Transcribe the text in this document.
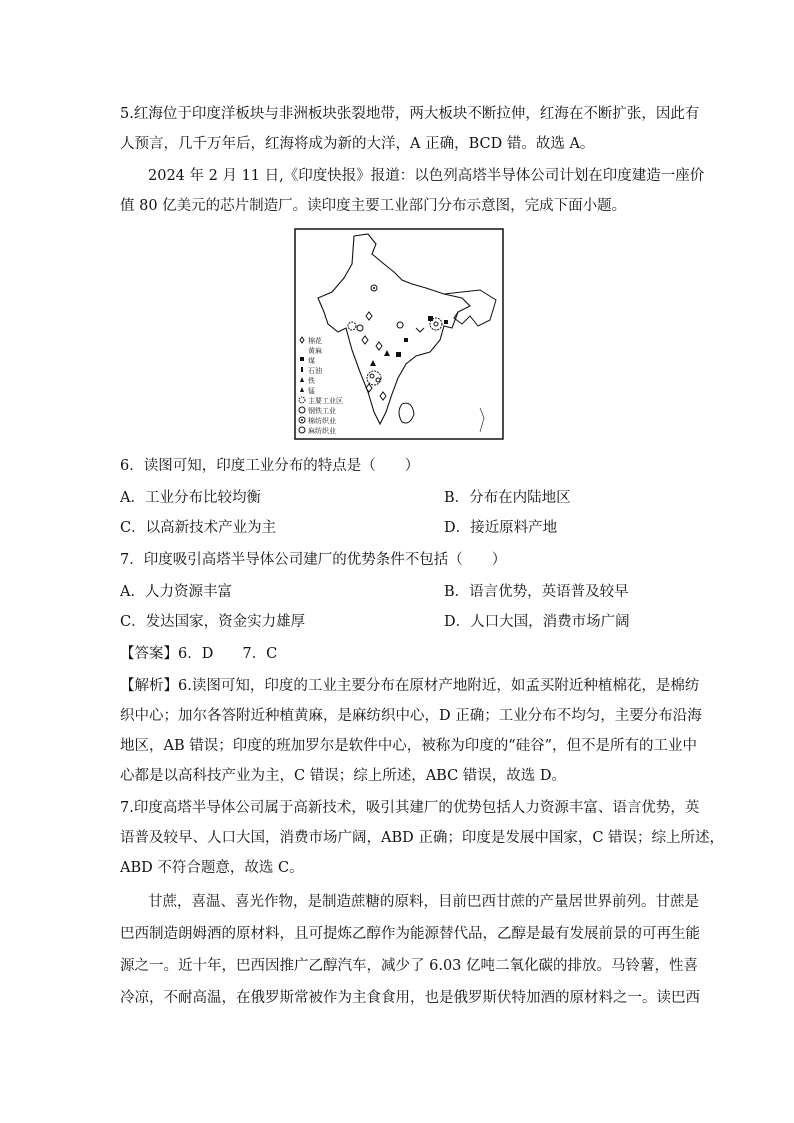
5.红海位于印度洋板块与非洲板块张裂地带，两大板块不断拉伸，红海在不断扩张，因此有
人预言，几千万年后，红海将成为新的大洋，A 正确，BCD 错。故选 A。
2024 年 2 月 11 日,《印度快报》报道：以色列高塔半导体公司计划在印度建造一座价
值 80 亿美元的芯片制造厂。读印度主要工业部门分布示意图，完成下面小题。
棉花
黄麻
煤
石油
铁
锰
主要工业区
钢铁工业
棉纺织业
麻纺织业
6．读图可知，印度工业分布的特点是（　　）
A．工业分布比较均衡	B．分布在内陆地区
C．以高新技术产业为主	D．接近原料产地
7．印度吸引高塔半导体公司建厂的优势条件不包括（　　）
A．人力资源丰富	B．语言优势，英语普及较早
C．发达国家，资金实力雄厚	D．人口大国，消费市场广阔
【答案】6．D　　7．C
【解析】6.读图可知，印度的工业主要分布在原材产地附近，如孟买附近种植棉花，是棉纺
织中心；加尔各答附近种植黄麻，是麻纺织中心，D 正确；工业分布不均匀，主要分布沿海
地区，AB 错误；印度的班加罗尔是软件中心，被称为印度的“硅谷”，但不是所有的工业中
心都是以高科技产业为主，C 错误；综上所述，ABC 错误，故选 D。
7.印度高塔半导体公司属于高新技术，吸引其建厂的优势包括人力资源丰富、语言优势，英
语普及较早、人口大国，消费市场广阔，ABD 正确；印度是发展中国家，C 错误；综上所述，
ABD 不符合题意，故选 C。
甘蔗，喜温、喜光作物，是制造蔗糖的原料，目前巴西甘蔗的产量居世界前列。甘蔗是
巴西制造朗姆酒的原材料，且可提炼乙醇作为能源替代品，乙醇是最有发展前景的可再生能
源之一。近十年，巴西因推广乙醇汽车，减少了 6.03 亿吨二氧化碳的排放。马铃薯，性喜
冷凉，不耐高温，在俄罗斯常被作为主食食用，也是俄罗斯伏特加酒的原材料之一。读巴西
